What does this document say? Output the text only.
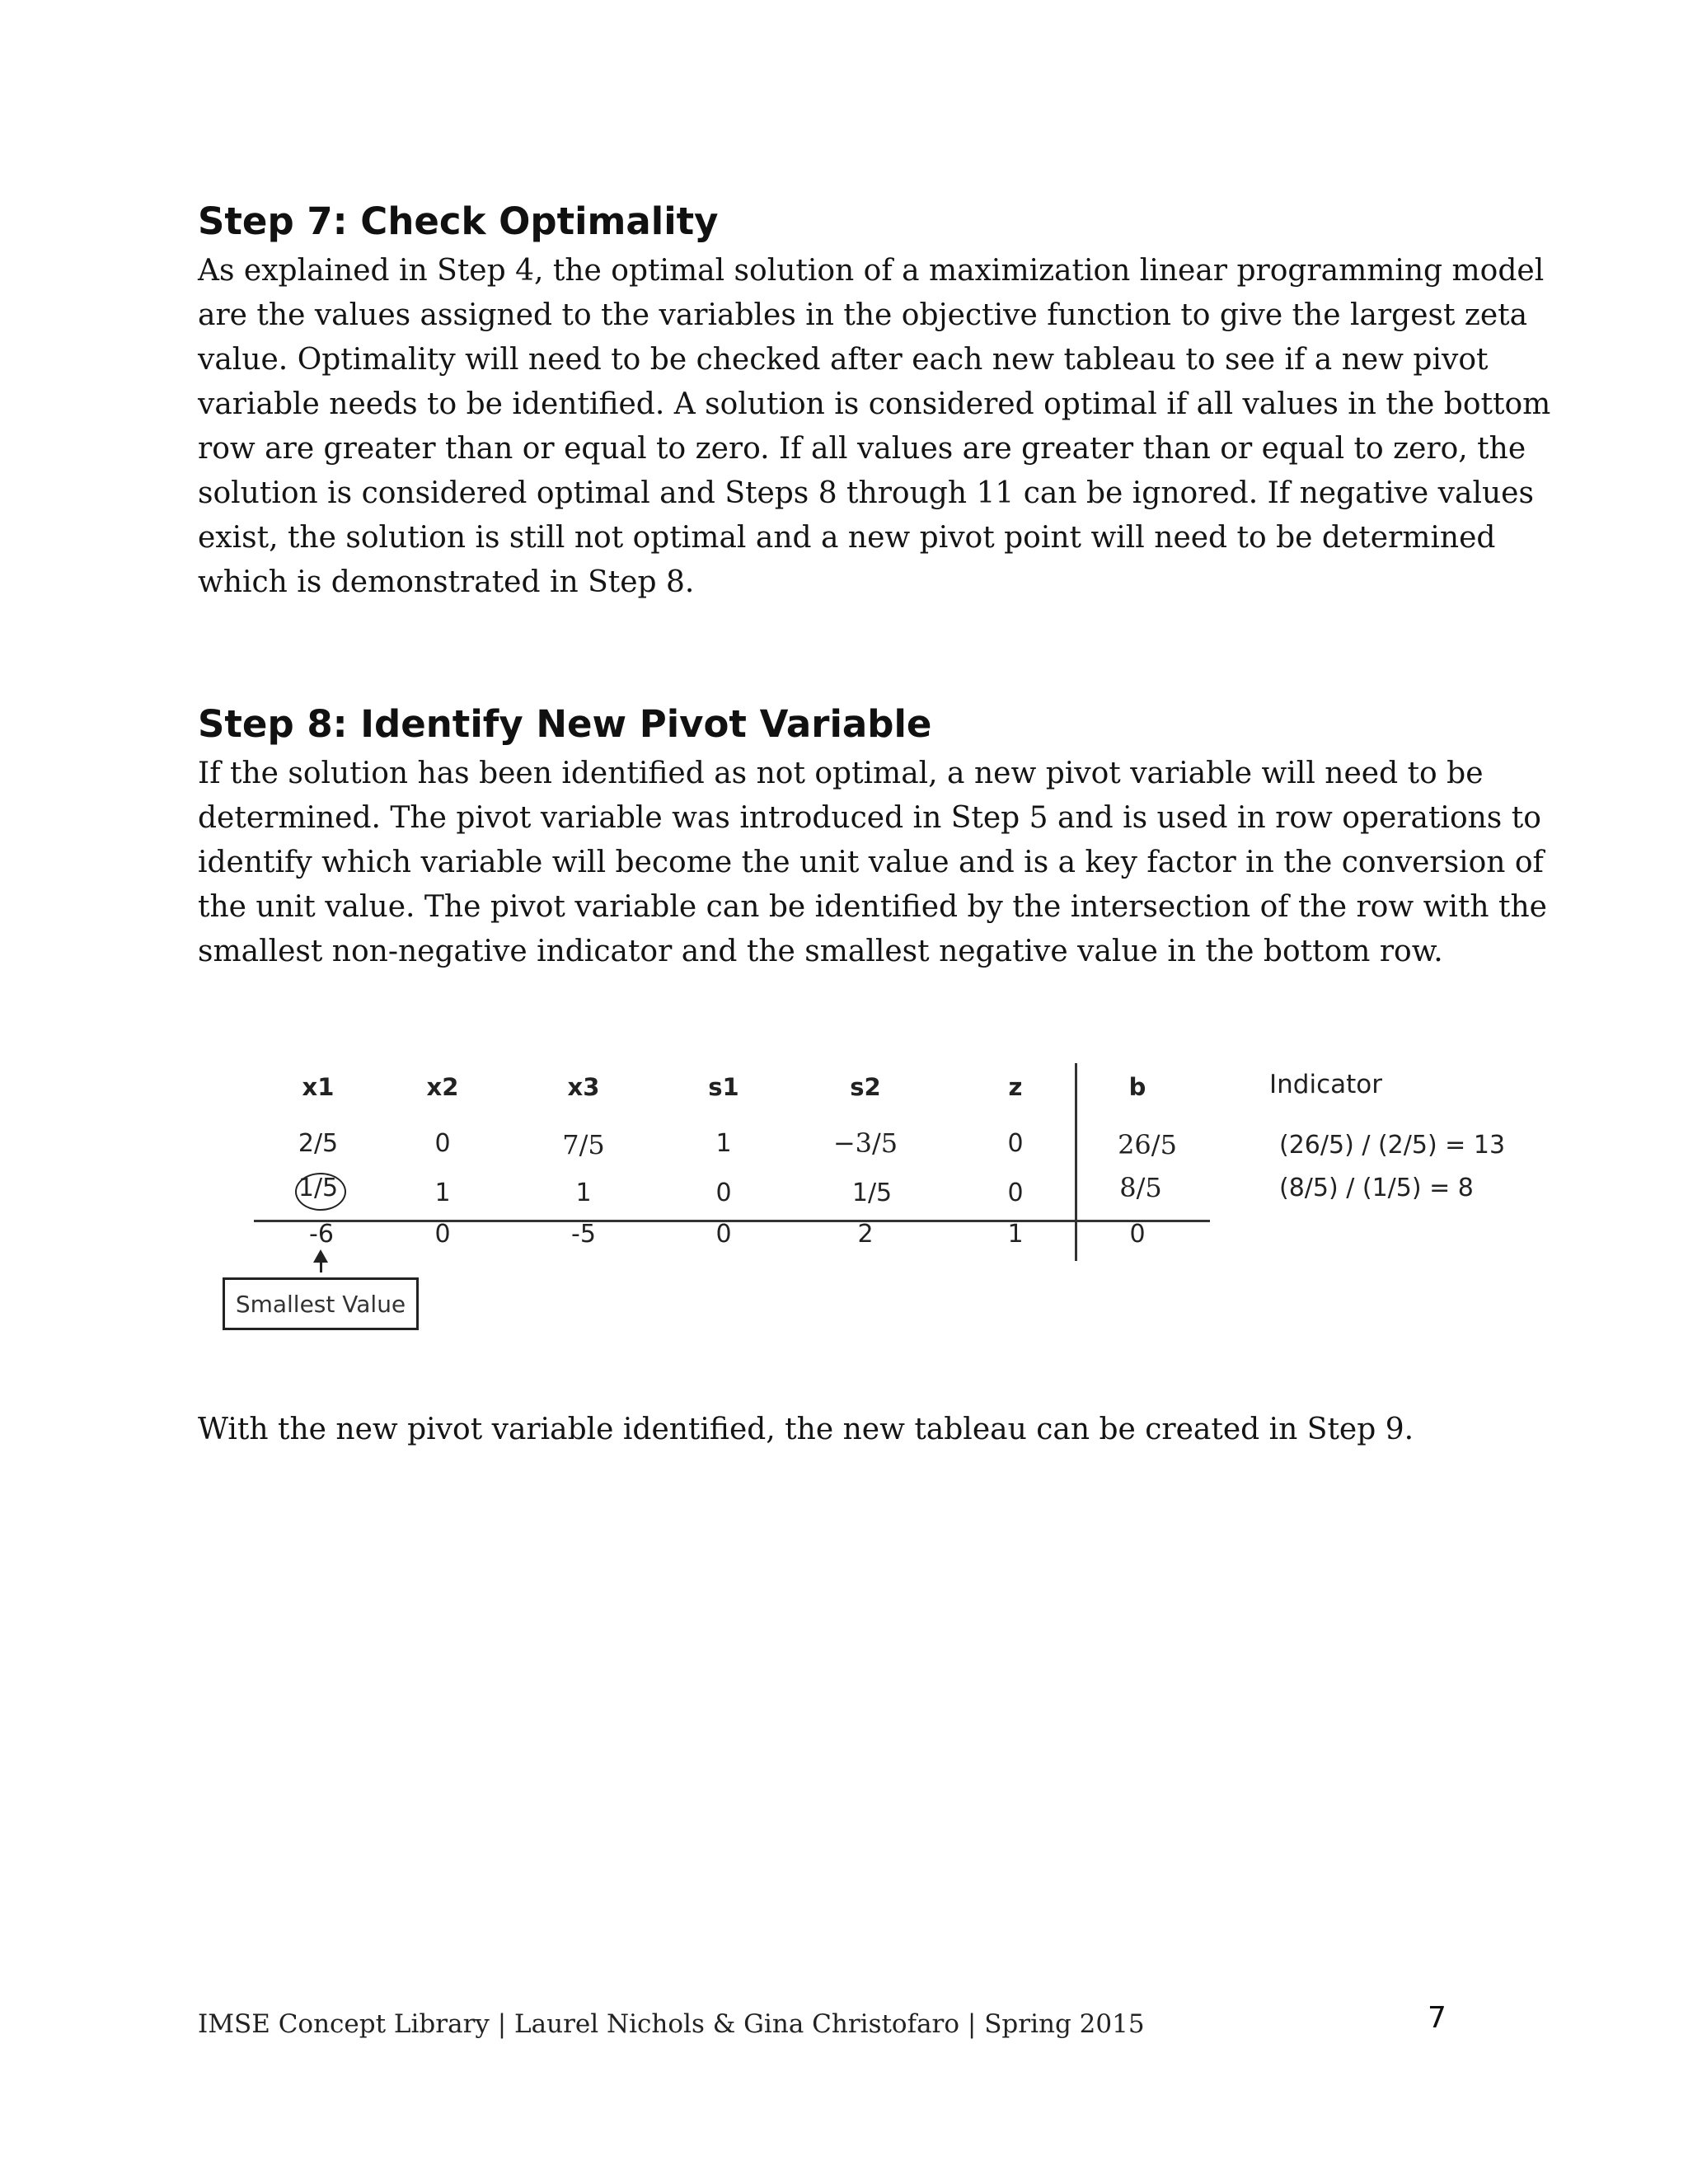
Step 7: Check Optimality

As explained in Step 4, the optimal solution of a maximization linear programming model
are the values assigned to the variables in the objective function to give the largest zeta
value. Optimality will need to be checked after each new tableau to see if a new pivot
variable needs to be identified. A solution is considered optimal if all values in the bottom
row are greater than or equal to zero. If all values are greater than or equal to zero, the
solution is considered optimal and Steps 8 through 11 can be ignored. If negative values
exist, the solution is still not optimal and a new pivot point will need to be determined
which is demonstrated in Step 8.

Step 8: Identify New Pivot Variable

If the solution has been identified as not optimal, a new pivot variable will need to be
determined. The pivot variable was introduced in Step 5 and is used in row operations to
identify which variable will become the unit value and is a key factor in the conversion of
the unit value. The pivot variable can be identified by the intersection of the row with the
smallest non-negative indicator and the smallest negative value in the bottom row.

x1	x2	x3	s1	s2	z	b	Indicator
2/5	0	7/5	1	−3/5	0	26/5	(26/5) / (2/5) = 13
1/5	1	1	0	1/5	0	8/5	(8/5) / (1/5) = 8
-6	0	-5	0	2	1	0
Smallest Value

With the new pivot variable identified, the new tableau can be created in Step 9.

IMSE Concept Library | Laurel Nichols & Gina Christofaro | Spring 2015	7
